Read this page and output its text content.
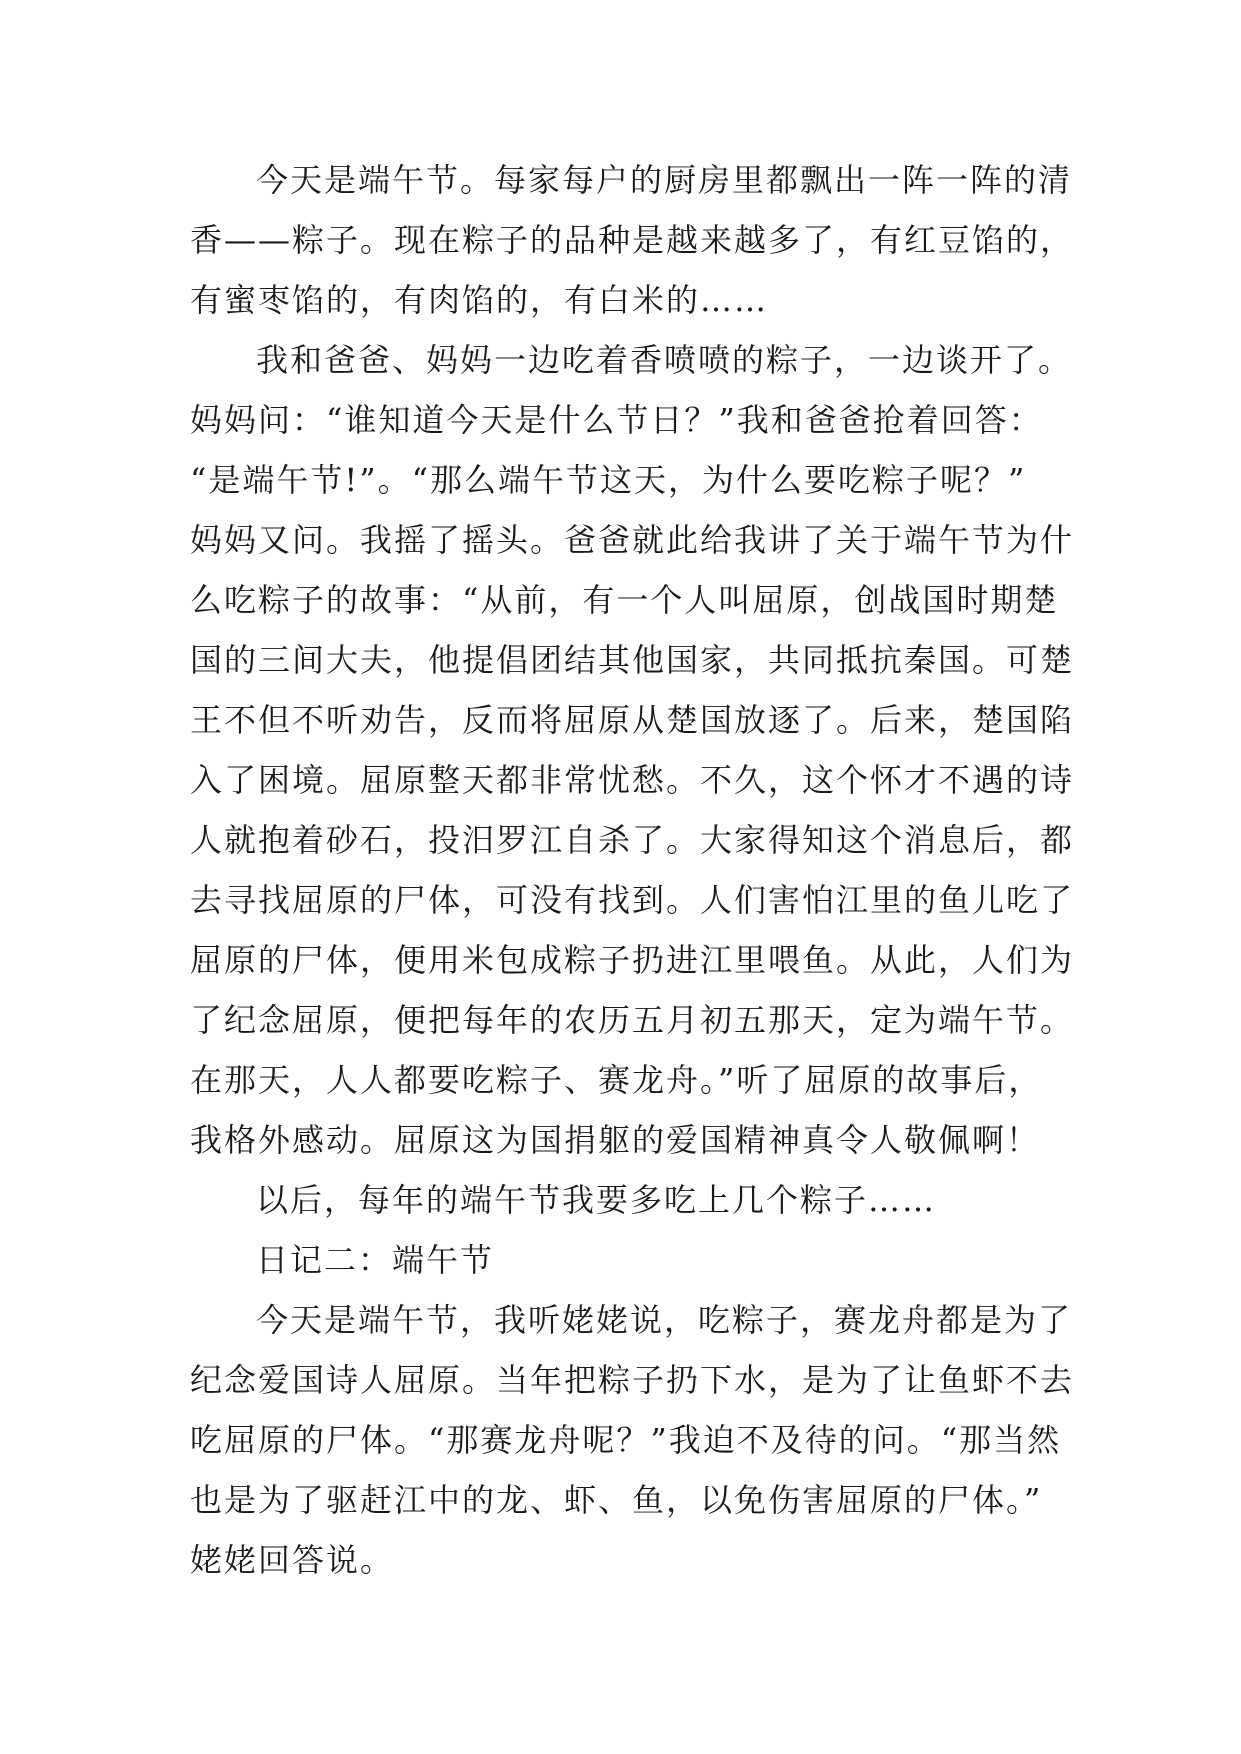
今天是端午节。每家每户的厨房里都飘出一阵一阵的清
香——粽子。现在粽子的品种是越来越多了，有红豆馅的，
有蜜枣馅的，有肉馅的，有白米的……
我和爸爸、妈妈一边吃着香喷喷的粽子，一边谈开了。
妈妈问：“谁知道今天是什么节日？”我和爸爸抢着回答：
“是端午节!”。“那么端午节这天，为什么要吃粽子呢？”
妈妈又问。我摇了摇头。爸爸就此给我讲了关于端午节为什
么吃粽子的故事：“从前，有一个人叫屈原，创战国时期楚
国的三间大夫，他提倡团结其他国家，共同抵抗秦国。可楚
王不但不听劝告，反而将屈原从楚国放逐了。后来，楚国陷
入了困境。屈原整天都非常忧愁。不久，这个怀才不遇的诗
人就抱着砂石，投汨罗江自杀了。大家得知这个消息后，都
去寻找屈原的尸体，可没有找到。人们害怕江里的鱼儿吃了
屈原的尸体，便用米包成粽子扔进江里喂鱼。从此，人们为
了纪念屈原，便把每年的农历五月初五那天，定为端午节。
在那天，人人都要吃粽子、赛龙舟。”听了屈原的故事后，
我格外感动。屈原这为国捐躯的爱国精神真令人敬佩啊！
以后，每年的端午节我要多吃上几个粽子……
日记二：端午节
今天是端午节，我听姥姥说，吃粽子，赛龙舟都是为了
纪念爱国诗人屈原。当年把粽子扔下水，是为了让鱼虾不去
吃屈原的尸体。“那赛龙舟呢？”我迫不及待的问。“那当然
也是为了驱赶江中的龙、虾、鱼，以免伤害屈原的尸体。”
姥姥回答说。
